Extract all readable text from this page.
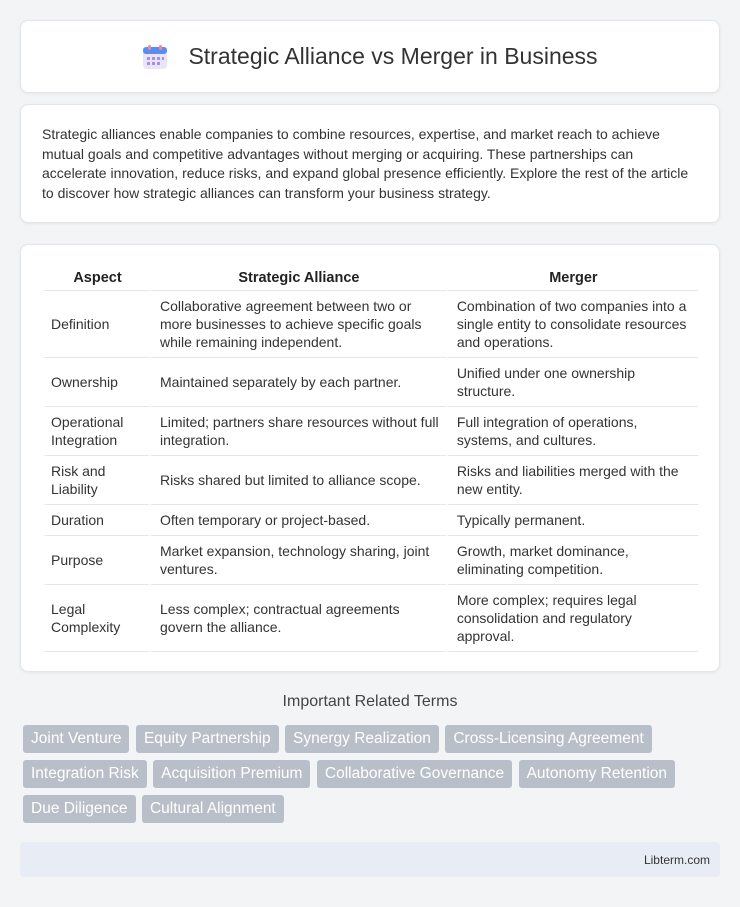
Strategic Alliance vs Merger in Business

Strategic alliances enable companies to combine resources, expertise, and market reach to achieve mutual goals and competitive advantages without merging or acquiring. These partnerships can accelerate innovation, reduce risks, and expand global presence efficiently. Explore the rest of the article to discover how strategic alliances can transform your business strategy.

Aspect	Strategic Alliance	Merger
Definition	Collaborative agreement between two or more businesses to achieve specific goals while remaining independent.	Combination of two companies into a single entity to consolidate resources and operations.
Ownership	Maintained separately by each partner.	Unified under one ownership structure.
Operational Integration	Limited; partners share resources without full integration.	Full integration of operations, systems, and cultures.
Risk and Liability	Risks shared but limited to alliance scope.	Risks and liabilities merged with the new entity.
Duration	Often temporary or project-based.	Typically permanent.
Purpose	Market expansion, technology sharing, joint ventures.	Growth, market dominance, eliminating competition.
Legal Complexity	Less complex; contractual agreements govern the alliance.	More complex; requires legal consolidation and regulatory approval.
Important Related Terms
Joint Venture Equity Partnership Synergy Realization Cross-Licensing Agreement Integration Risk Acquisition Premium Collaborative Governance Autonomy Retention Due Diligence Cultural Alignment
Libterm.com
